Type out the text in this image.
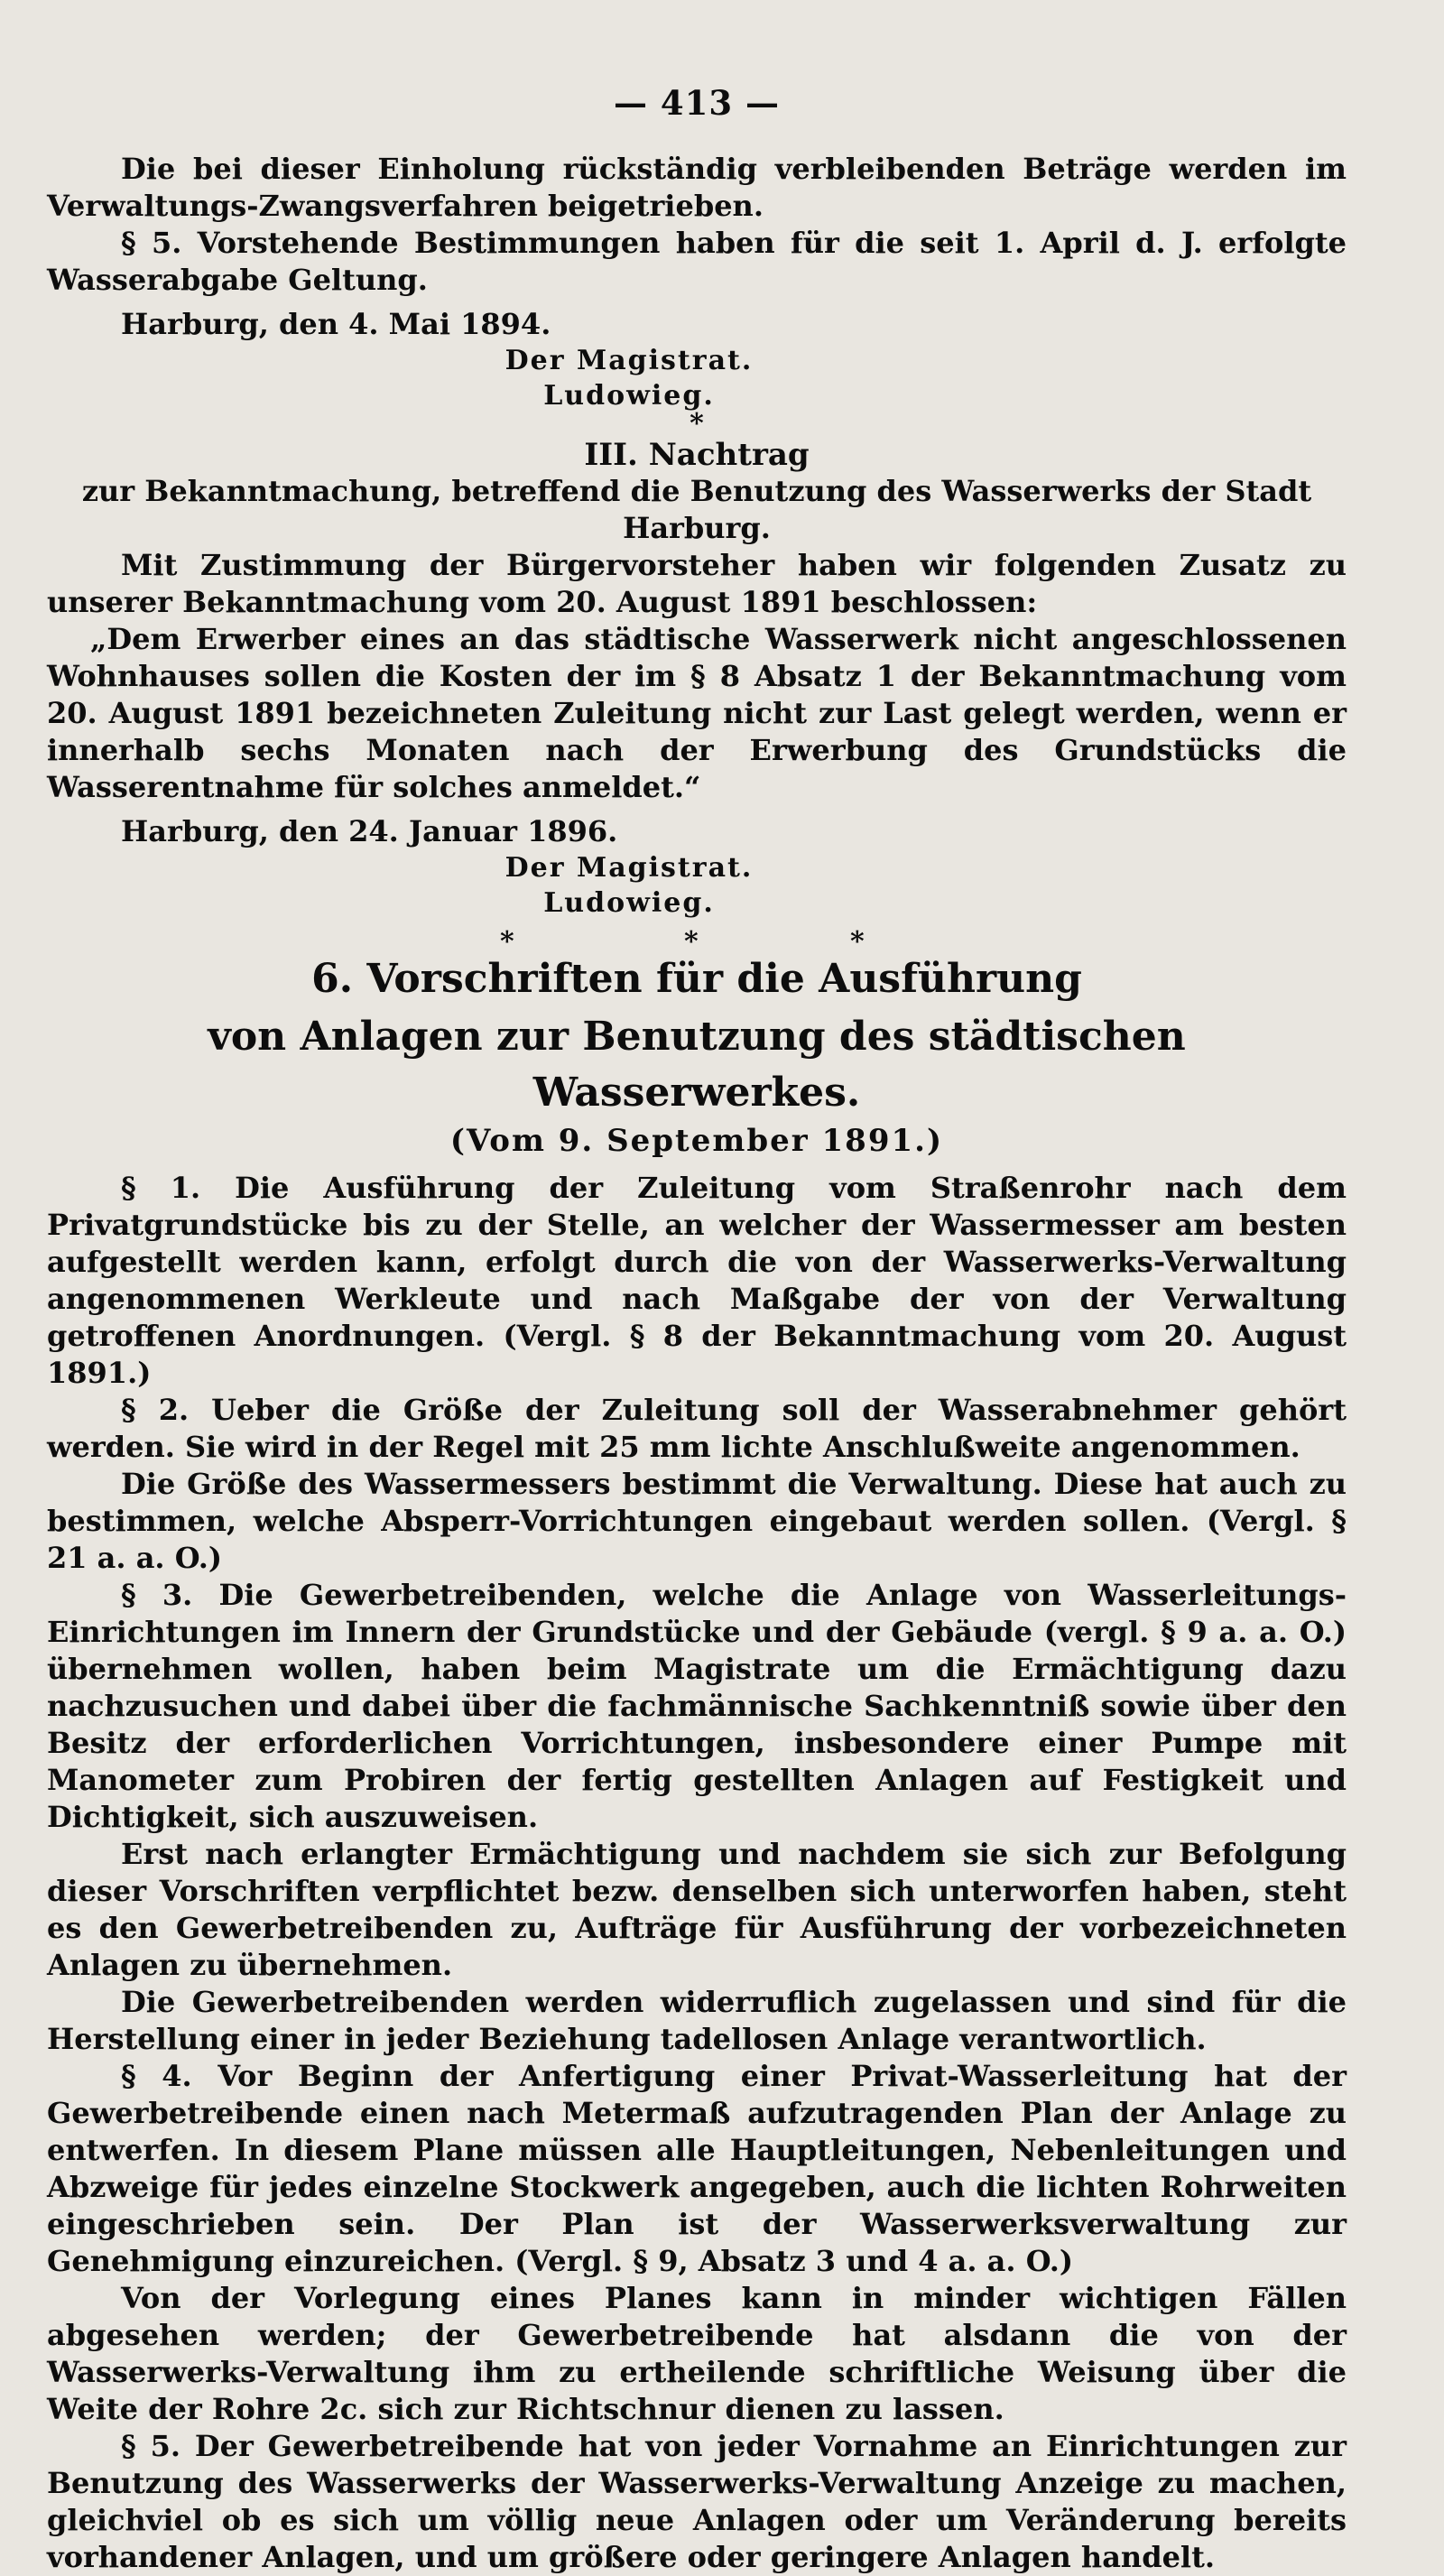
— 413 —

Die bei dieser Einholung rückständig verbleibenden Beträge werden im Verwaltungs-Zwangsverfahren beigetrieben.

§ 5. Vorstehende Bestimmungen haben für die seit 1. April d. J. erfolgte Wasserabgabe Geltung.

Harburg, den 4. Mai 1894.

Der Magistrat.
Ludowieg.
*
III. Nachtrag

zur Bekanntmachung, betreffend die Benutzung des Wasserwerks der Stadt Harburg.

Mit Zustimmung der Bürgervorsteher haben wir folgenden Zusatz zu unserer Bekanntmachung vom 20. August 1891 beschlossen:

„Dem Erwerber eines an das städtische Wasserwerk nicht angeschlossenen Wohnhauses sollen die Kosten der im § 8 Absatz 1 der Bekanntmachung vom 20. August 1891 bezeichneten Zuleitung nicht zur Last gelegt werden, wenn er innerhalb sechs Monaten nach der Erwerbung des Grundstücks die Wasserentnahme für solches anmeldet.“

Harburg, den 24. Januar 1896.

Der Magistrat.
Ludowieg.
*	*	*
6. Vorschriften für die Ausführung
von Anlagen zur Benutzung des städtischen Wasserwerkes.
(Vom 9. September 1891.)

§ 1. Die Ausführung der Zuleitung vom Straßenrohr nach dem Privatgrundstücke bis zu der Stelle, an welcher der Wassermesser am besten aufgestellt werden kann, erfolgt durch die von der Wasserwerks-Verwaltung angenommenen Werkleute und nach Maßgabe der von der Verwaltung getroffenen Anordnungen. (Vergl. § 8 der Bekanntmachung vom 20. August 1891.)

§ 2. Ueber die Größe der Zuleitung soll der Wasserabnehmer gehört werden. Sie wird in der Regel mit 25 mm lichte Anschlußweite angenommen.

Die Größe des Wassermessers bestimmt die Verwaltung. Diese hat auch zu bestimmen, welche Absperr-Vorrichtungen eingebaut werden sollen. (Vergl. § 21 a. a. O.)

§ 3. Die Gewerbetreibenden, welche die Anlage von Wasserleitungs-Einrichtungen im Innern der Grundstücke und der Gebäude (vergl. § 9 a. a. O.) übernehmen wollen, haben beim Magistrate um die Ermächtigung dazu nachzusuchen und dabei über die fachmännische Sachkenntniß sowie über den Besitz der erforderlichen Vorrichtungen, insbesondere einer Pumpe mit Manometer zum Probiren der fertig gestellten Anlagen auf Festigkeit und Dichtigkeit, sich auszuweisen.

Erst nach erlangter Ermächtigung und nachdem sie sich zur Befolgung dieser Vorschriften verpflichtet bezw. denselben sich unterworfen haben, steht es den Gewerbetreibenden zu, Aufträge für Ausführung der vorbezeichneten Anlagen zu übernehmen.

Die Gewerbetreibenden werden widerruflich zugelassen und sind für die Herstellung einer in jeder Beziehung tadellosen Anlage verantwortlich.

§ 4. Vor Beginn der Anfertigung einer Privat-Wasserleitung hat der Gewerbetreibende einen nach Metermaß aufzutragenden Plan der Anlage zu entwerfen. In diesem Plane müssen alle Hauptleitungen, Nebenleitungen und Abzweige für jedes einzelne Stockwerk angegeben, auch die lichten Rohrweiten eingeschrieben sein. Der Plan ist der Wasserwerksverwaltung zur Genehmigung einzureichen. (Vergl. § 9, Absatz 3 und 4 a. a. O.)

Von der Vorlegung eines Planes kann in minder wichtigen Fällen abgesehen werden; der Gewerbetreibende hat alsdann die von der Wasserwerks-Verwaltung ihm zu ertheilende schriftliche Weisung über die Weite der Rohre 2c. sich zur Richtschnur dienen zu lassen.

§ 5. Der Gewerbetreibende hat von jeder Vornahme an Einrichtungen zur Benutzung des Wasserwerks der Wasserwerks-Verwaltung Anzeige zu machen, gleichviel ob es sich um völlig neue Anlagen oder um Veränderung bereits vorhandener Anlagen, und um größere oder geringere Anlagen handelt.
